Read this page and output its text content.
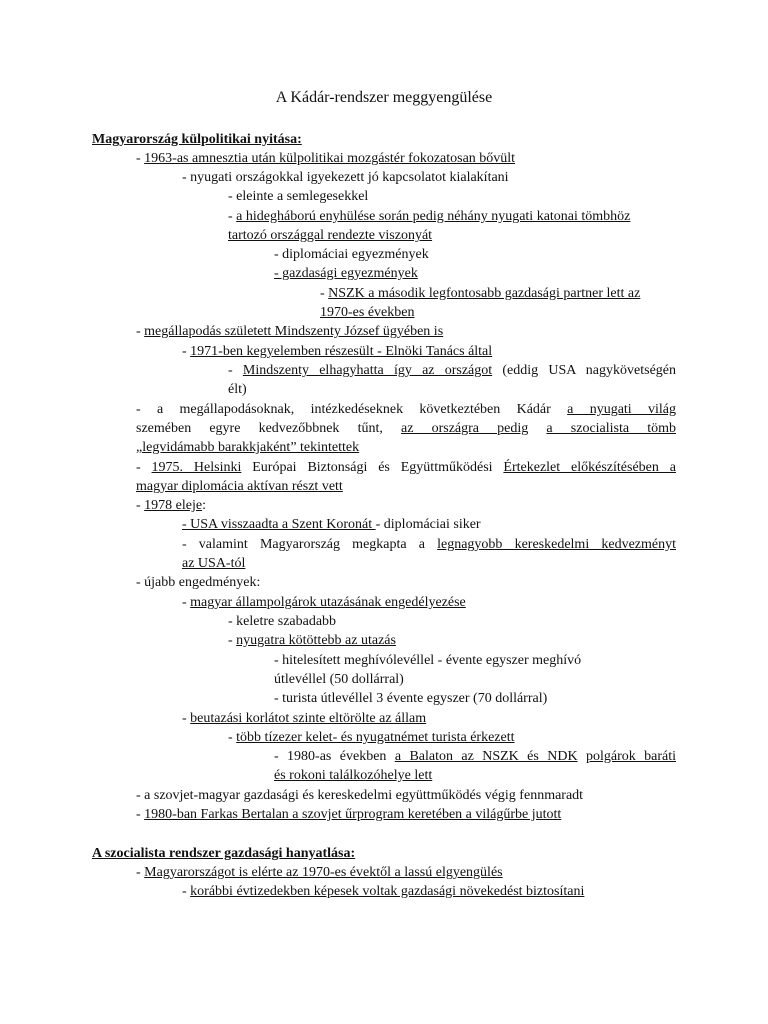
A Kádár-rendszer meggyengülése
Magyarország külpolitikai nyitása:
- 1963-as amnesztia után külpolitikai mozgástér fokozatosan bővült
- nyugati országokkal igyekezett jó kapcsolatot kialakítani
- eleinte a semlegesekkel
- a hidegháború enyhülése során pedig néhány nyugati katonai tömbhöz
tartozó országgal rendezte viszonyát
- diplomáciai egyezmények
- gazdasági egyezmények
- NSZK a második legfontosabb gazdasági partner lett az
1970-es években
- megállapodás született Mindszenty József ügyében is
- 1971-ben kegyelemben részesült - Elnöki Tanács által
- Mindszenty elhagyhatta így az országot (eddig USA nagykövetségén
élt)
- a megállapodásoknak, intézkedéseknek következtében Kádár a nyugati világ
szemében egyre kedvezőbbnek tűnt, az országra pedig a szocialista tömb
„legvidámabb barakkjaként” tekintettek
- 1975. Helsinki Európai Biztonsági és Együttműködési Értekezlet előkészítésében a
magyar diplomácia aktívan részt vett
- 1978 eleje:
- USA visszaadta a Szent Koronát - diplomáciai siker
- valamint Magyarország megkapta a legnagyobb kereskedelmi kedvezményt
az USA-tól
- újabb engedmények:
- magyar állampolgárok utazásának engedélyezése
- keletre szabadabb
- nyugatra kötöttebb az utazás
- hitelesített meghívólevéllel - évente egyszer meghívó
útlevéllel (50 dollárral)
- turista útlevéllel 3 évente egyszer (70 dollárral)
- beutazási korlátot szinte eltörölte az állam
- több tízezer kelet- és nyugatnémet turista érkezett
- 1980-as években a Balaton az NSZK és NDK polgárok baráti
és rokoni találkozóhelye lett
- a szovjet-magyar gazdasági és kereskedelmi együttműködés végig fennmaradt
- 1980-ban Farkas Bertalan a szovjet űrprogram keretében a világűrbe jutott
A szocialista rendszer gazdasági hanyatlása:
- Magyarországot is elérte az 1970-es évektől a lassú elgyengülés
- korábbi évtizedekben képesek voltak gazdasági növekedést biztosítani
